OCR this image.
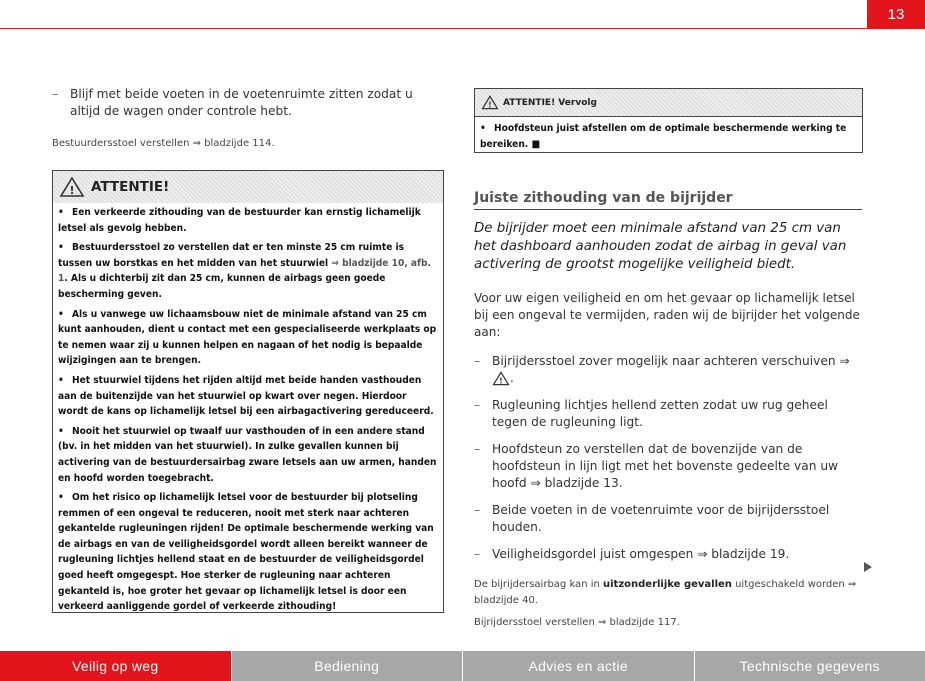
13
– Blijf met beide voeten in de voetenruimte zitten zodat u altijd de wagen onder controle hebt.
Bestuurdersstoel verstellen ⇒ bladzijde 114.
! ATTENTIE!

• Een verkeerde zithouding van de bestuurder kan ernstig lichamelijk letsel als gevolg hebben.

• Bestuurdersstoel zo verstellen dat er ten minste 25 cm ruimte is tussen uw borstkas en het midden van het stuurwiel ⇒ bladzijde 10, afb. 1. Als u dichterbij zit dan 25 cm, kunnen de airbags geen goede bescherming geven.

• Als u vanwege uw lichaamsbouw niet de minimale afstand van 25 cm kunt aanhouden, dient u contact met een gespecialiseerde werkplaats op te nemen waar zij u kunnen helpen en nagaan of het nodig is bepaalde wijzigingen aan te brengen.

• Het stuurwiel tijdens het rijden altijd met beide handen vasthouden aan de buitenzijde van het stuurwiel op kwart over negen. Hierdoor wordt de kans op lichamelijk letsel bij een airbagactivering gereduceerd.

• Nooit het stuurwiel op twaalf uur vasthouden of in een andere stand (bv. in het midden van het stuurwiel). In zulke gevallen kunnen bij activering van de bestuurdersairbag zware letsels aan uw armen, handen en hoofd worden toegebracht.

• Om het risico op lichamelijk letsel voor de bestuurder bij plotseling remmen of een ongeval te reduceren, nooit met sterk naar achteren gekantelde rugleuningen rijden! De optimale beschermende werking van de airbags en van de veiligheidsgordel wordt alleen bereikt wanneer de rugleuning lichtjes hellend staat en de bestuurder de veiligheidsgordel goed heeft omgegespt. Hoe sterker de rugleuning naar achteren gekanteld is, hoe groter het gevaar op lichamelijk letsel is door een verkeerd aanliggende gordel of verkeerde zithouding!

! ATTENTIE! Vervolg
• Hoofdsteun juist afstellen om de optimale beschermende werking te bereiken. ■
Juiste zithouding van de bijrijder
De bijrijder moet een minimale afstand van 25 cm van het dashboard aanhouden zodat de airbag in geval van activering de grootst mogelijke veiligheid biedt.
Voor uw eigen veiligheid en om het gevaar op lichamelijk letsel bij een ongeval te vermijden, raden wij de bijrijder het volgende aan:
– Bijrijdersstoel zover mogelijk naar achteren verschuiven ⇒
! .
– Rugleuning lichtjes hellend zetten zodat uw rug geheel tegen de rugleuning ligt.
– Hoofdsteun zo verstellen dat de bovenzijde van de hoofdsteun in lijn ligt met het bovenste gedeelte van uw hoofd ⇒ bladzijde 13.
– Beide voeten in de voetenruimte voor de bijrijdersstoel houden.
– Veiligheidsgordel juist omgespen ⇒ bladzijde 19.
De bijrijdersairbag kan in uitzonderlijke gevallen uitgeschakeld worden ⇒ bladzijde 40.
Bijrijdersstoel verstellen ⇒ bladzijde 117.
Veilig op weg	Bediening	Advies en actie	Technische gegevens
